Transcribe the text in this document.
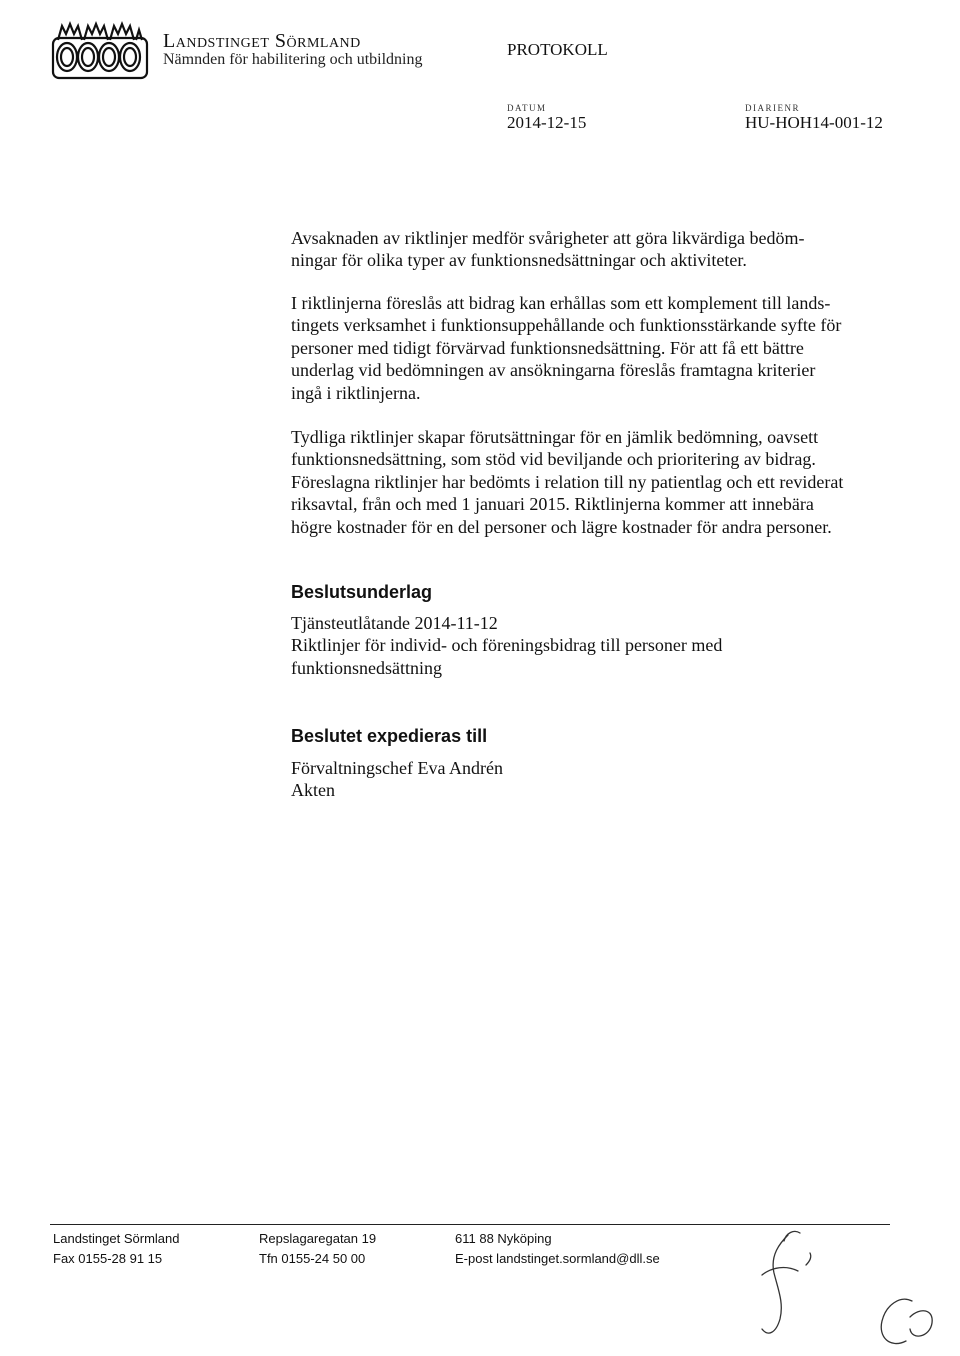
Landstinget Sörmland
Nämnden för habilitering och utbildning
PROTOKOLL
DATUM
2014-12-15
DIARIENR
HU-HOH14-001-12
Avsaknaden av riktlinjer medför svårigheter att göra likvärdiga bedöm-
ningar för olika typer av funktionsnedsättningar och aktiviteter.
I riktlinjerna föreslås att bidrag kan erhållas som ett komplement till lands-
tingets verksamhet i funktionsuppehållande och funktionsstärkande syfte för
personer med tidigt förvärvad funktionsnedsättning. För att få ett bättre
underlag vid bedömningen av ansökningarna föreslås framtagna kriterier
ingå i riktlinjerna.
Tydliga riktlinjer skapar förutsättningar för en jämlik bedömning, oavsett
funktionsnedsättning, som stöd vid beviljande och prioritering av bidrag.
Föreslagna riktlinjer har bedömts i relation till ny patientlag och ett reviderat
riksavtal, från och med 1 januari 2015. Riktlinjerna kommer att innebära
högre kostnader för en del personer och lägre kostnader för andra personer.
Beslutsunderlag
Tjänsteutlåtande 2014-11-12
Riktlinjer för individ- och föreningsbidrag till personer med
funktionsnedsättning
Beslutet expedieras till
Förvaltningschef Eva Andrén
Akten
Landstinget Sörmland
Fax 0155-28 91 15
Repslagaregatan 19
Tfn 0155-24 50 00
611 88 Nyköping
E-post landstinget.sormland@dll.se
